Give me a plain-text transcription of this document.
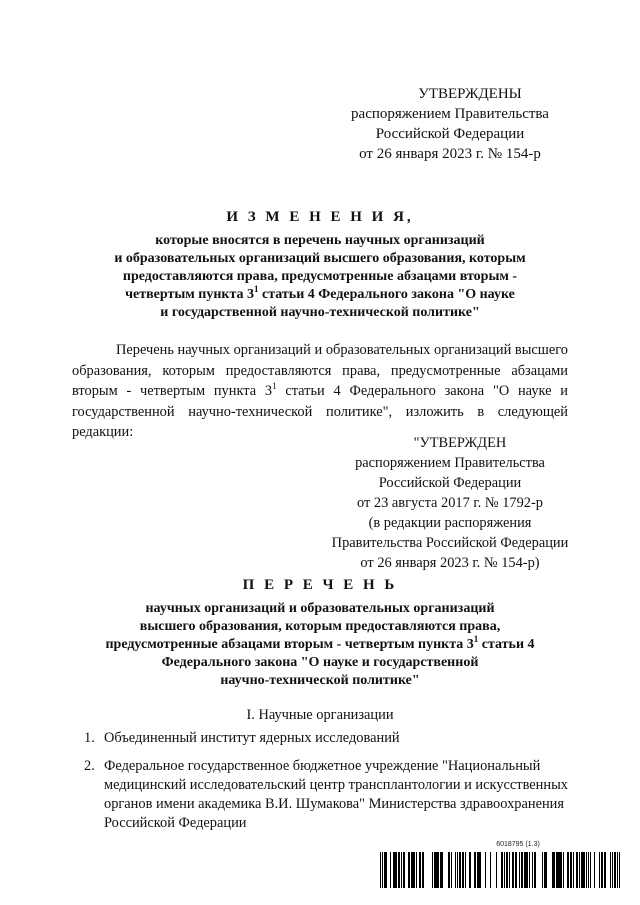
УТВЕРЖДЕНЫ
распоряжением Правительства
Российской Федерации
от 26 января 2023 г. № 154-р
И З М Е Н Е Н И Я,
которые вносятся в перечень научных организаций
и образовательных организаций высшего образования, которым
предоставляются права, предусмотренные абзацами вторым -
четвертым пункта $3^1$ статьи 4 Федерального закона "О науке
и государственной научно-технической политике"
Перечень научных организаций и образовательных организаций высшего образования, которым предоставляются права, предусмотренные абзацами вторым - четвертым пункта $3^1$ статьи 4 Федерального закона "О науке и государственной научно-технической политике", изложить в следующей редакции:
"УТВЕРЖДЕН
распоряжением Правительства
Российской Федерации
от 23 августа 2017 г. № 1792-р
(в редакции распоряжения
Правительства Российской Федерации
от 26 января 2023 г. № 154-р)
П Е Р Е Ч Е Н Ь
научных организаций и образовательных организаций
высшего образования, которым предоставляются права,
предусмотренные абзацами вторым - четвертым пункта $3^1$ статьи 4
Федерального закона "О науке и государственной
научно-технической политике"
I. Научные организации
1. Объединенный институт ядерных исследований
2. Федеральное государственное бюджетное учреждение "Национальный медицинский исследовательский центр трансплантологии и искусственных органов имени академика В.И. Шумакова" Министерства здравоохранения Российской Федерации
6018795 (1.3)
